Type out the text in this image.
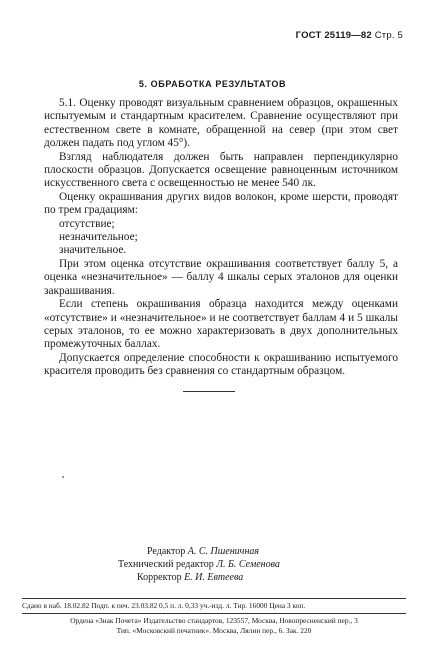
ГОСТ 25119—82 Стр. 5
5. ОБРАБОТКА РЕЗУЛЬТАТОВ

5.1. Оценку проводят визуальным сравнением образцов, окрашенных испытуемым и стандартным красителем. Сравнение осуществляют при естественном свете в комнате, обращенной на север (при этом свет должен падать под углом 45°).

Взгляд наблюдателя должен быть направлен перпендикулярно плоскости образцов. Допускается освещение равноценным источником искусственного света с освещенностью не менее 540 лк.

Оценку окрашивания других видов волокон, кроме шерсти, проводят по трем градациям:

отсутствие;

незначительное;

значительное.

При этом оценка отсутствие окрашивания соответствует баллу 5, а оценка «незначительное» — баллу 4 шкалы серых эталонов для оценки закрашивания.

Если степень окрашивания образца находится между оценками «отсутствие» и «незначительное» и не соответствует баллам 4 и 5 шкалы серых эталонов, то ее можно характеризовать в двух дополнительных промежуточных баллах.

Допускается определение способности к окрашиванию испытуемого красителя проводить без сравнения со стандартным образцом.

Редактор А. С. Пшеничная
Технический редактор Л. Б. Семенова
Корректор Е. И. Евтеева
Сдано в наб. 18.02.82 Подп. к печ. 23.03.82 0,5 п. л. 0,33 уч.-изд. л. Тир. 16000 Цена 3 коп.
Ордена «Знак Почета» Издательство стандартов, 123557, Москва, Новопресненский пер., 3
Тип. «Московский печатник». Москва, Лялин пер., 6. Зак. 220
